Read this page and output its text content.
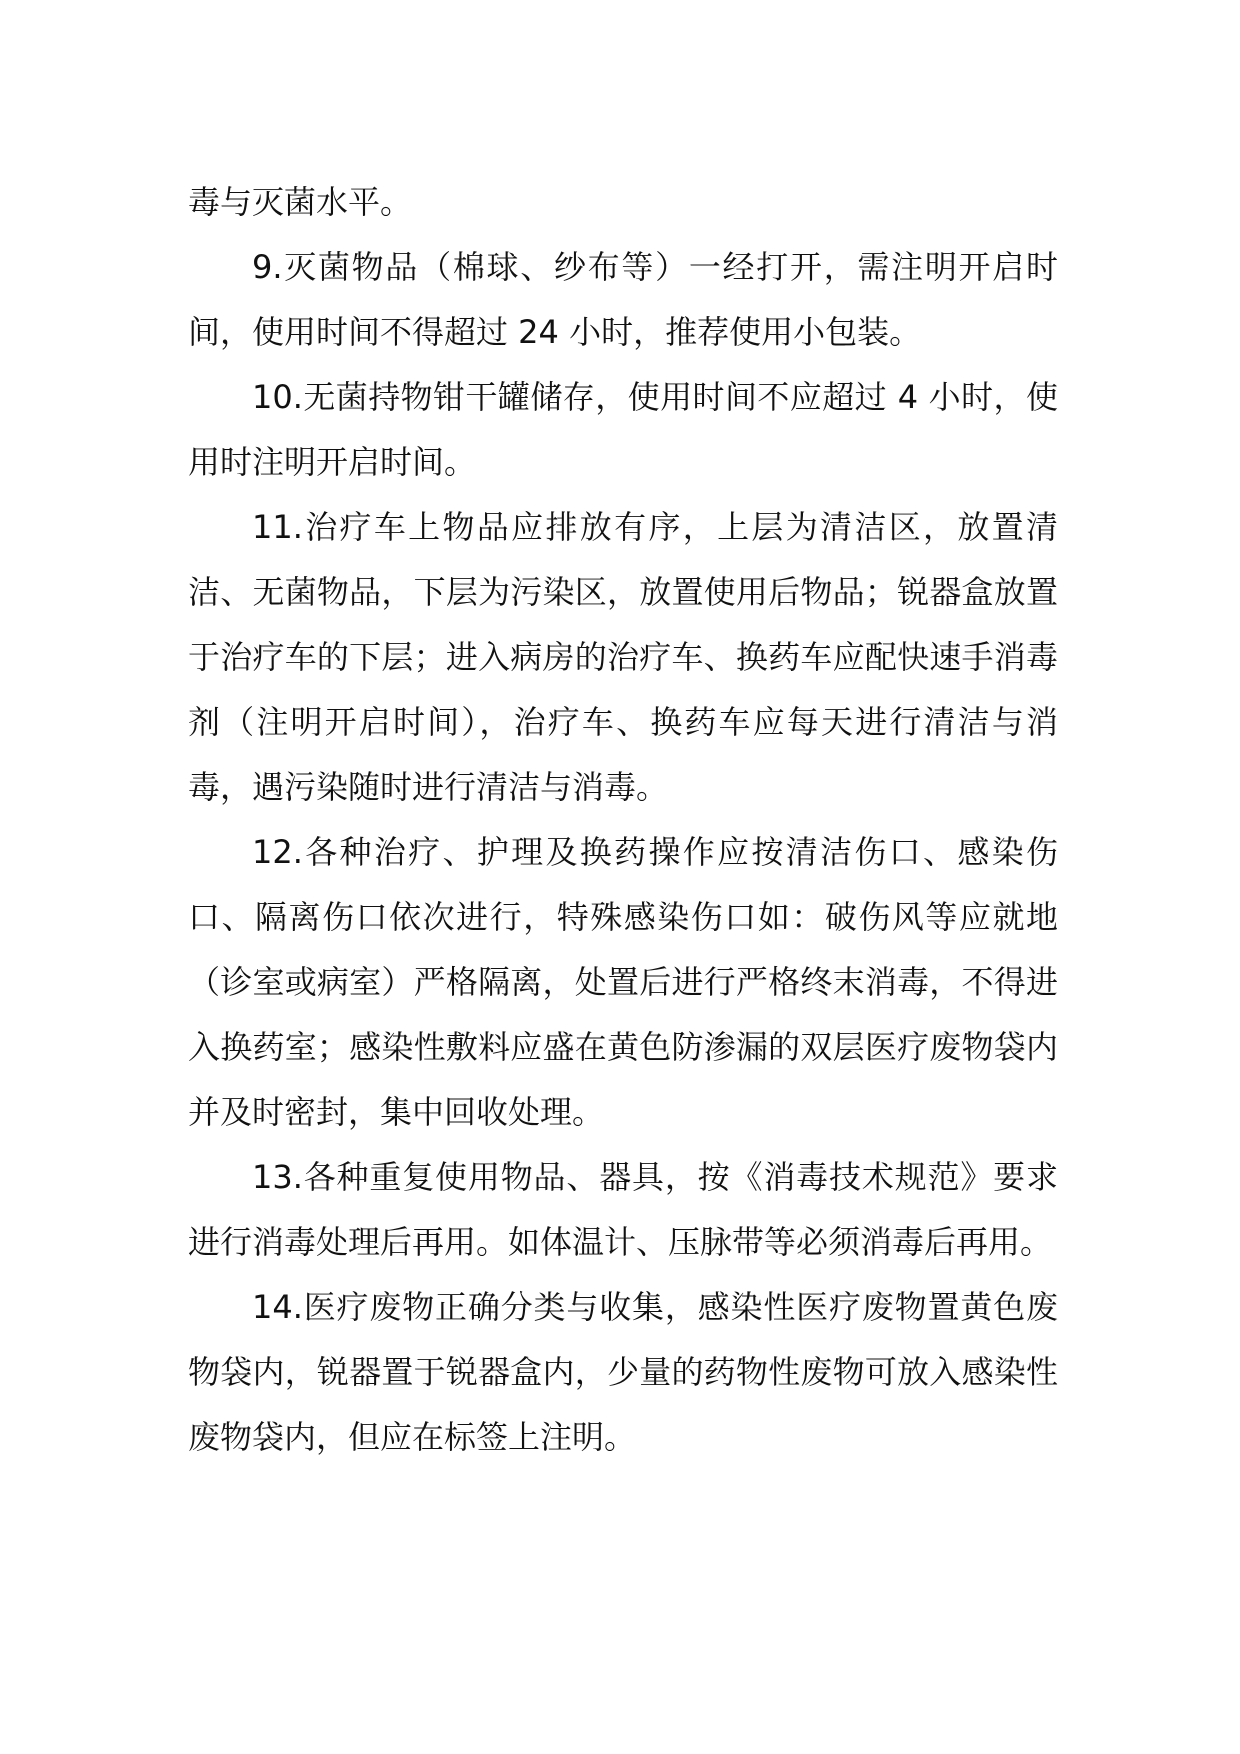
毒与灭菌水平。

9.灭菌物品（棉球、纱布等）一经打开，需注明开启时间，使用时间不得超过 24 小时，推荐使用小包装。

10.无菌持物钳干罐储存，使用时间不应超过 4 小时，使用时注明开启时间。

11.治疗车上物品应排放有序，上层为清洁区，放置清洁、无菌物品，下层为污染区，放置使用后物品；锐器盒放置于治疗车的下层；进入病房的治疗车、换药车应配快速手消毒剂（注明开启时间），治疗车、换药车应每天进行清洁与消毒，遇污染随时进行清洁与消毒。

12.各种治疗、护理及换药操作应按清洁伤口、感染伤口、隔离伤口依次进行，特殊感染伤口如：破伤风等应就地（诊室或病室）严格隔离，处置后进行严格终末消毒，不得进入换药室；感染性敷料应盛在黄色防渗漏的双层医疗废物袋内并及时密封，集中回收处理。

13.各种重复使用物品、器具，按《消毒技术规范》要求进行消毒处理后再用。如体温计、压脉带等必须消毒后再用。

14.医疗废物正确分类与收集，感染性医疗废物置黄色废物袋内，锐器置于锐器盒内，少量的药物性废物可放入感染性废物袋内，但应在标签上注明。
